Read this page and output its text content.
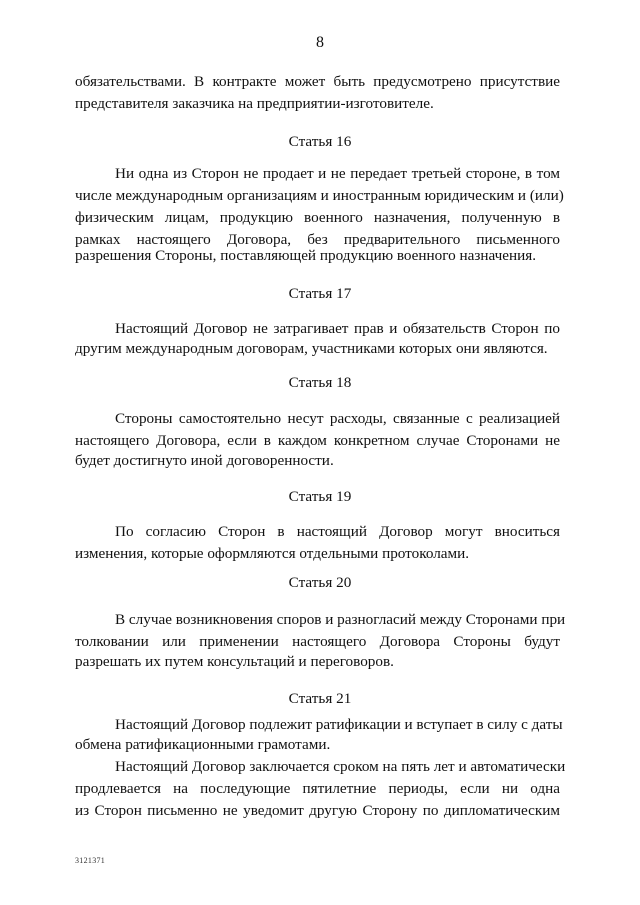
8
обязательствами. В контракте может быть предусмотрено присутствие
представителя заказчика на предприятии-изготовителе.
Статья 16
Ни одна из Сторон не продает и не передает третьей стороне, в том
числе международным организациям и иностранным юридическим и (или)
физическим лицам, продукцию военного назначения, полученную в
рамках настоящего Договора, без предварительного письменного
разрешения Стороны, поставляющей продукцию военного назначения.
Статья 17
Настоящий Договор не затрагивает прав и обязательств Сторон по
другим международным договорам, участниками которых они являются.
Статья 18
Стороны самостоятельно несут расходы, связанные с реализацией
настоящего Договора, если в каждом конкретном случае Сторонами не
будет достигнуто иной договоренности.
Статья 19
По согласию Сторон в настоящий Договор могут вноситься
изменения, которые оформляются отдельными протоколами.
Статья 20
В случае возникновения споров и разногласий между Сторонами при
толковании или применении настоящего Договора Стороны будут
разрешать их путем консультаций и переговоров.
Статья 21
Настоящий Договор подлежит ратификации и вступает в силу с даты
обмена ратификационными грамотами.
Настоящий Договор заключается сроком на пять лет и автоматически
продлевается на последующие пятилетние периоды, если ни одна
из Сторон письменно не уведомит другую Сторону по дипломатическим
3121371
